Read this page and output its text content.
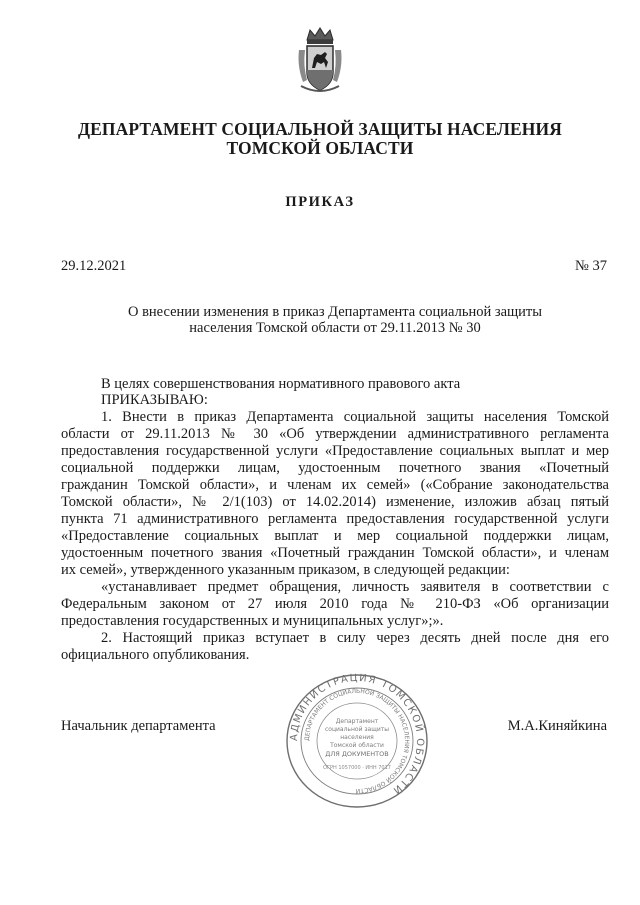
ДЕПАРТАМЕНТ СОЦИАЛЬНОЙ ЗАЩИТЫ НАСЕЛЕНИЯ
ТОМСКОЙ ОБЛАСТИ
ПРИКАЗ
29.12.2021	№ 37
О внесении изменения в приказ Департамента социальной защиты
населения Томской области от 29.11.2013 № 30
В целях совершенствования нормативного правового акта
ПРИКАЗЫВАЮ:
1. Внести в приказ Департамента социальной защиты населения Томской
области от 29.11.2013 № 30 «Об утверждении административного регламента
предоставления государственной услуги «Предоставление социальных выплат и мер
социальной поддержки лицам, удостоенным почетного звания «Почетный
гражданин Томской области», и членам их семей» («Собрание законодательства
Томской области», № 2/1(103) от 14.02.2014) изменение, изложив абзац пятый
пункта 71 административного регламента предоставления государственной услуги
«Предоставление социальных выплат и мер социальной поддержки лицам,
удостоенным почетного звания «Почетный гражданин Томской области», и членам
их семей», утвержденного указанным приказом, в следующей редакции:
«устанавливает предмет обращения, личность заявителя в соответствии с
Федеральным законом от 27 июля 2010 года № 210-ФЗ «Об организации
предоставления государственных и муниципальных услуг»;».
2. Настоящий приказ вступает в силу через десять дней после дня его
официального опубликования.
АДМИНИСТРАЦИЯ ТОМСКОЙ ОБЛАСТИ
ДЕПАРТАМЕНТ СОЦИАЛЬНОЙ ЗАЩИТЫ НАСЕЛЕНИЯ ТОМСКОЙ ОБЛАСТИ
Департамент
социальной защиты
населения
Томской области
ДЛЯ ДОКУМЕНТОВ
ОГРН 1057000 · ИНН 7017
Начальник департамента	М.А.Киняйкина
